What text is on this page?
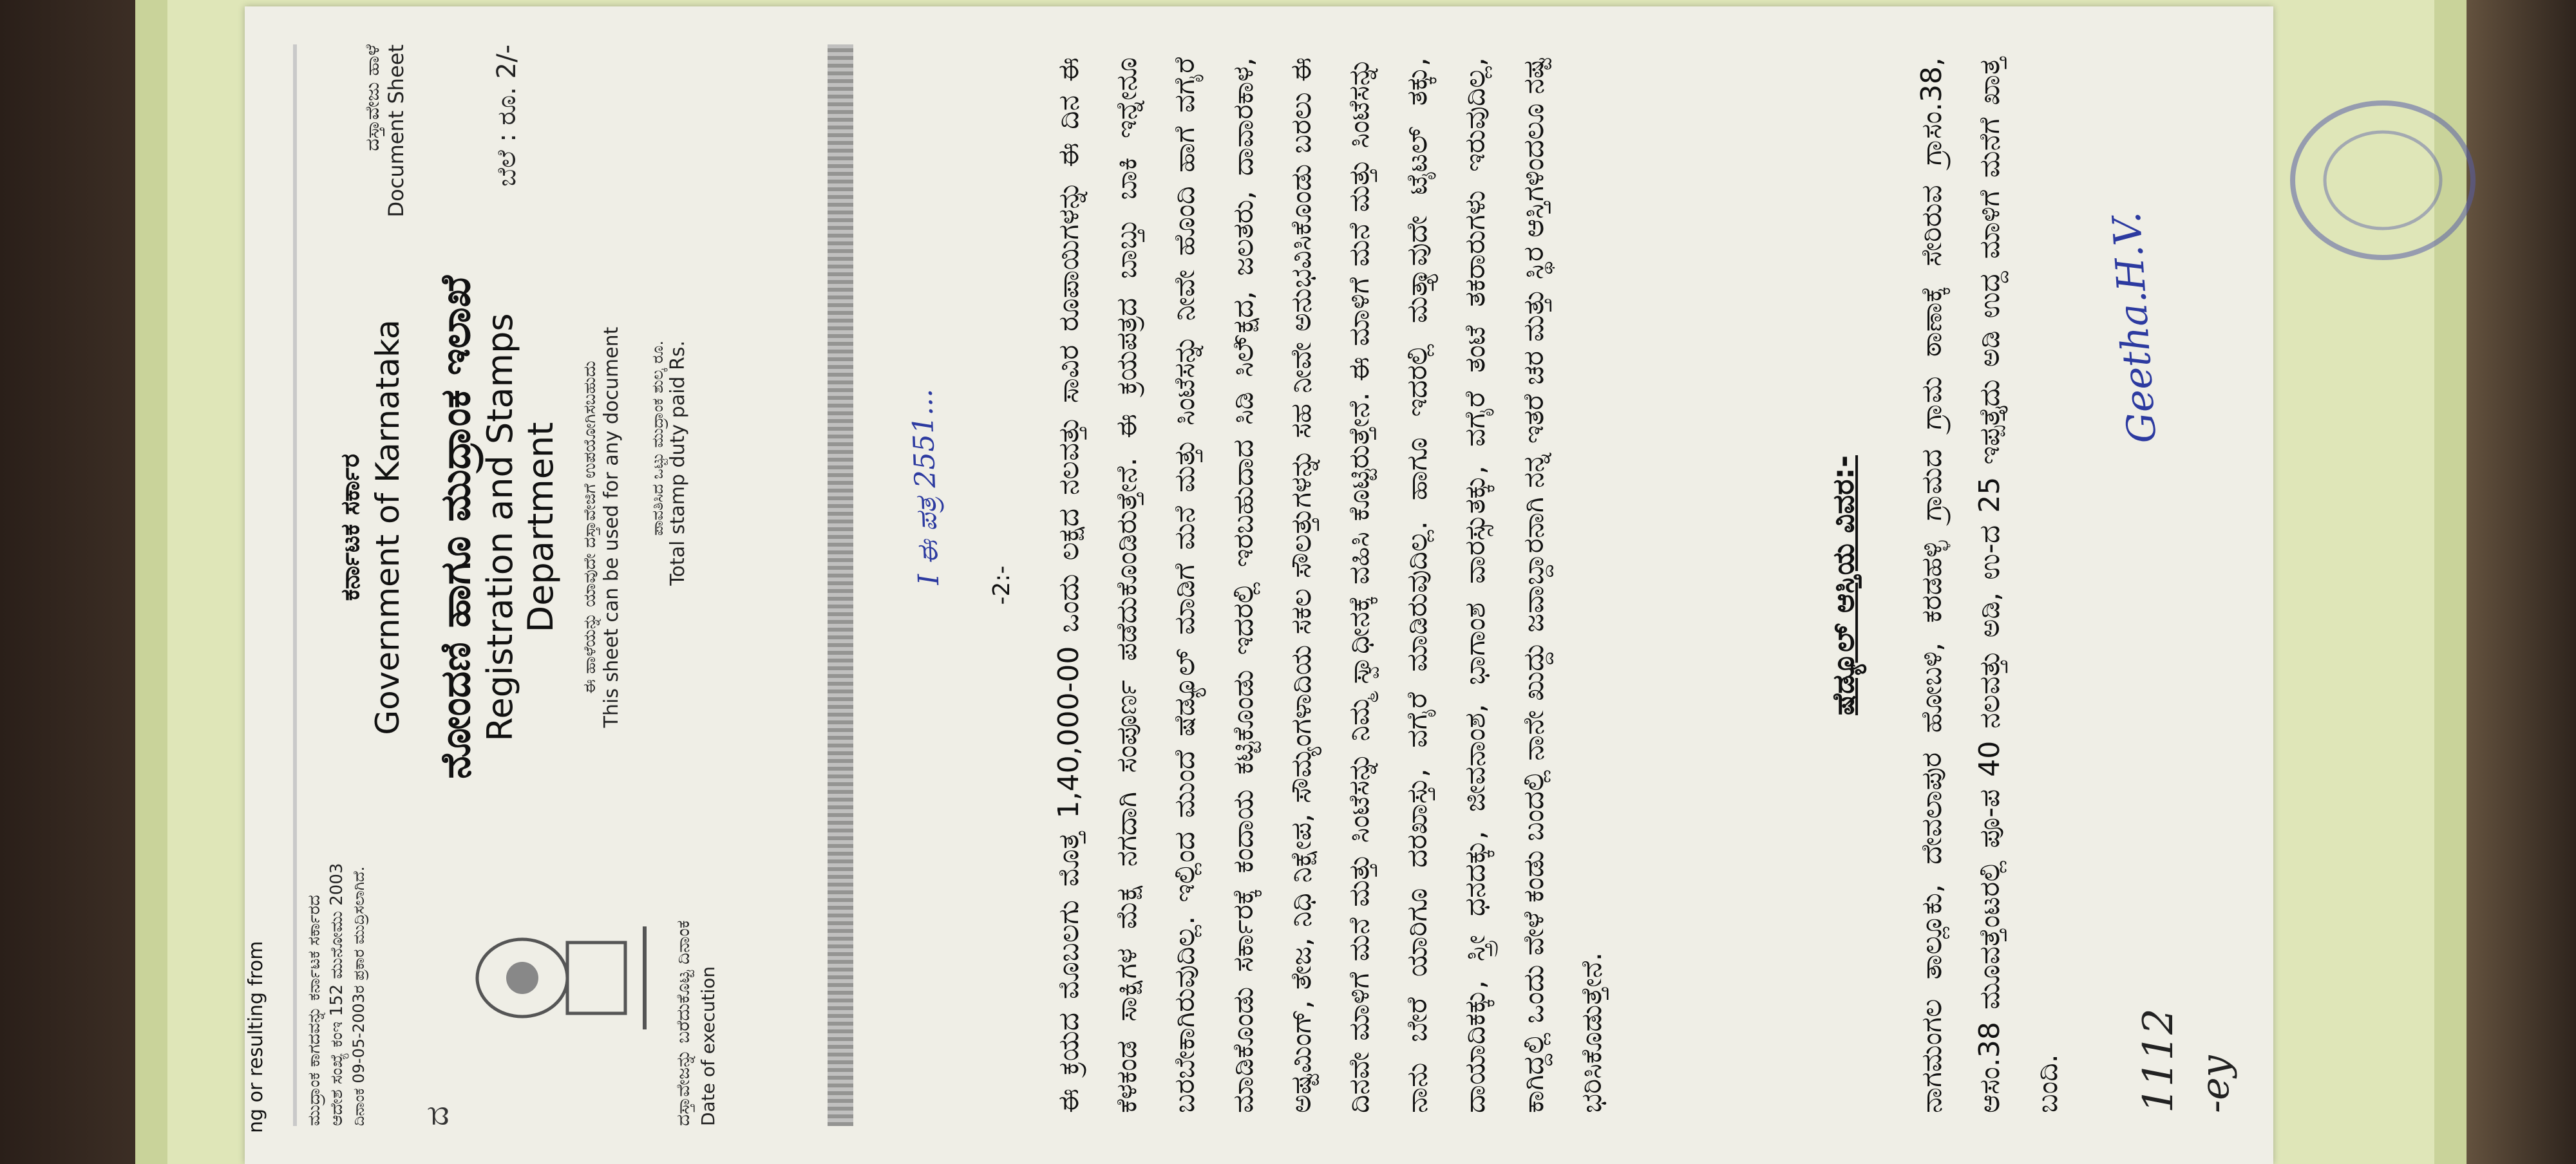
ಮುದ್ರಾಂಕ ಕಾಗದವನ್ನು ಕರ್ನಾಟಕ ಸರ್ಕಾರದ ಆದೇಶ ಸಂಖ್ಯೆ ಕಂಇ 152 ಮುನೋಮು 2003 ದಿನಾಂಕ 09-05-2003ರ ಪ್ರಕಾರ ಮುದ್ರಿಸಲಾಗಿದೆ. ದ	ದಸ್ತಾವೇಜನ್ನು ಬರೆದುಕೊಟ್ಟ ದಿನಾಂಕ Date of execution
ಕರ್ನಾಟಕ ಸರ್ಕಾರ Government of Karnataka ನೋಂದಣಿ ಹಾಗೂ ಮುದ್ರಾಂಕ ಇಲಾಖೆ Registration and Stamps Department ಈ ಹಾಳೆಯನ್ನು ಯಾವುದೇ ದಸ್ತಾವೇಜಿಗೆ ಉಪಯೋಗಿಸಬಹುದು This sheet can be used for any document ಪಾವತಿಸಿದ ಒಟ್ಟು ಮುದ್ರಾಂಕ ಶುಲ್ಕ ರೂ. Total stamp duty paid Rs.
ದಸ್ತಾವೇಜು ಹಾಳೆ Document Sheet	ಬೆಲೆ : ರೂ. 2/-
I ಈ ಪತ್ರ 2551... -2:-	ಈ ಕ್ರಯದ ಮೊಬಲಗು ಮೊತ್ತ 1,40,000-00 ಒಂದು ಲಕ್ಷದ ನಲವತ್ತು ಸಾವಿರ ರೂಪಾಯಿಗಳನ್ನು ಈ ದಿನ ಈ ಕೆಳಕಂಡ ಸಾಕ್ಷಿಗಳ ಮೆಕ್ಷ ನಗದಾಗಿ ಸಂಪೂರ್ಣ ಪಡೆದುಕೊಂಡಿರುತ್ತೇನೆ. ಈ ಕ್ರಯಪತ್ರದ ಬಾಬ್ತು ಬಾಕಿ ಇನ್ನೇನೂ ಬರಬೇಕಾಗಿರುವುದಿಲ್ಲ. ಇಲ್ಲಿಂದ ಮುಂದೆ ಷೆಡ್ಯೂಲ್ ಮಾಡಿಗೆ ಮನೆ ಮತ್ತು ಸಿಂಟೆಸನ್ನು ನೀವೇ ಹೊಂದಿ ಹಾಗೆ ವಗೈರೆ ಮಾಡಿಕೊಂಡು ಸರ್ಕಾರಕ್ಕೆ ಕಂದಾಯ ಕಟ್ಟಿಕೊಂಡು ಇದರಲ್ಲಿ ಇರಬಹುದಾದ ಸಿಡಿ ಸಿಲ್ಕ್ಷೆದ, ಜಲತರು, ದಾವಾರಕಾಳ, ಅಷ್ಟಮಿಂಗ್, ತೇಜ, ನಿಧಿ ನಿಕ್ಷೇಪ, ಸೌಮ್ಯಂಗಳಾದಿಯ ಸಕಲ ಸೌಲತ್ತುಗಳನ್ನು ಸಹ ನೀವೇ ಅನುಭವಿಸಿಕೊಂಡು ಬರಲು ಈ ದಿನವೇ ಮಾಳಿಗೆ ಮನೆ ಮತ್ತು ಸಿಂಟೆಸನ್ನು ನಿಮ್ಮ ಸ್ವಾಧೀನಕ್ಕೆ ವಹಿಸಿ ಕೊಟ್ಟಿರುತ್ತೇನೆ. ಈ ಮಾಳಿಗೆ ಮನೆ ಮತ್ತು ಸಿಂಟೆಸನ್ನು ನಾನು ಬೇರೆ ಯಾರಿಗೂ ದರಖಾಸ್ತು, ವಗೈರೆ ಮಾಡಿರುವುದಿಲ್ಲ. ಹಾಗೂ ಇದರಲ್ಲಿ ಮತ್ತ್ಯಾವುದೇ ಟೈಟಲ್ ತಕ್ಕು, ದಾಯಾದಿಕಕ್ಕು, ಸ್ತ್ರೀ ಧನದಕ್ಕು, ಜೀವನಾಂಶ, ಭಾಗಾಂಶ ವಾರಸ್ಸುತಕ್ಕು, ವಗೈರೆ ತಂಟೆ ತಕರಾರುಗಳು ಇರುವುದಿಲ್ಲ, ಕಾಗಿದ್ದಲ್ಲಿ ಒಂದು ವೇಳೆ ಕಂಡು ಬಂದಲ್ಲಿ ನಾನೇ ಖುದ್ದು ಜವಾಬ್ದಾರನಾಗಿ ನನ್ನ ಇತರೆ ಚರ ಮತ್ತು ಸ್ಥಿರ ಆಸ್ತಿಗಳಿಂದಲೂ ನಷ್ಟ ಭರಿಸಿಕೊಡುತ್ತೇನೆ.
ಷೆಡ್ಯೂಲ್ ಆಸ್ತಿಯ ವಿವರ:-	ನಾಗಮಂಗಲ ತಾಲ್ಲೂಕು, ದೇವಲಾಪುರ ಹೋಬಳಿ, ಕರಡಹಳ್ಳಿ ಗ್ರಾಮದ ಗ್ರಾಮ ಠಾಣಾಕ್ಕೆ ಸೇರಿರುವ ಗ್ರಾಸಂ.38, ಆಸಂ.38 ಮೂವತ್ತೆಂಟರಲ್ಲಿ ಪೂ-ಪ 40 ನಲವತ್ತು ಅಡಿ, ಉ-ದ 25 ಇಪ್ಪತ್ತೈದು ಅಡಿ ಉದ್ದ ಮಾಳಿಗೆ ಮನೆಗೆ ಖಾತ್ತ ಬಂದಿ.
Geetha.H.V.
1112 -ey
ng or resulting from
